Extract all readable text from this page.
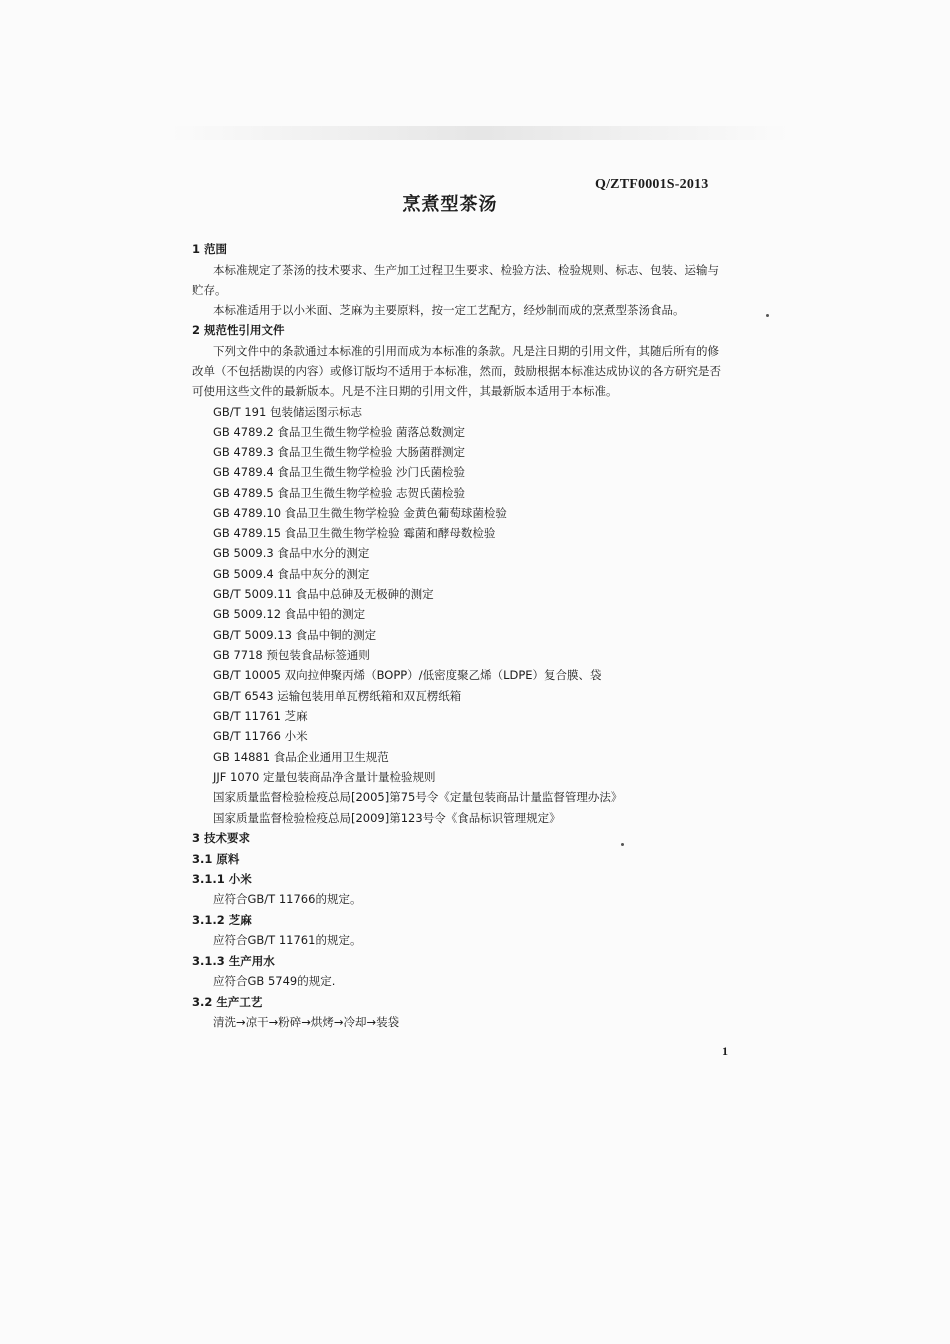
Q/ZTF0001S-2013
烹煮型茶汤
1 范围
本标准规定了茶汤的技术要求、生产加工过程卫生要求、检验方法、检验规则、标志、包装、运输与
贮存。
本标准适用于以小米面、芝麻为主要原料，按一定工艺配方，经炒制而成的烹煮型茶汤食品。
2 规范性引用文件
下列文件中的条款通过本标准的引用而成为本标准的条款。凡是注日期的引用文件，其随后所有的修
改单（不包括勘误的内容）或修订版均不适用于本标准，然而，鼓励根据本标准达成协议的各方研究是否
可使用这些文件的最新版本。凡是不注日期的引用文件，其最新版本适用于本标准。
GB/T 191 包装储运图示标志
GB 4789.2 食品卫生微生物学检验 菌落总数测定
GB 4789.3 食品卫生微生物学检验 大肠菌群测定
GB 4789.4 食品卫生微生物学检验 沙门氏菌检验
GB 4789.5 食品卫生微生物学检验 志贺氏菌检验
GB 4789.10 食品卫生微生物学检验 金黄色葡萄球菌检验
GB 4789.15 食品卫生微生物学检验 霉菌和酵母数检验
GB 5009.3 食品中水分的测定
GB 5009.4 食品中灰分的测定
GB/T 5009.11 食品中总砷及无极砷的测定
GB 5009.12 食品中铅的测定
GB/T 5009.13 食品中铜的测定
GB 7718 预包装食品标签通则
GB/T 10005 双向拉伸聚丙烯（BOPP）/低密度聚乙烯（LDPE）复合膜、袋
GB/T 6543 运输包装用单瓦楞纸箱和双瓦楞纸箱
GB/T 11761 芝麻
GB/T 11766 小米
GB 14881 食品企业通用卫生规范
JJF 1070 定量包装商品净含量计量检验规则
国家质量监督检验检疫总局[2005]第75号令《定量包装商品计量监督管理办法》
国家质量监督检验检疫总局[2009]第123号令《食品标识管理规定》
3 技术要求
3.1 原料
3.1.1 小米
应符合GB/T 11766的规定。
3.1.2 芝麻
应符合GB/T 11761的规定。
3.1.3 生产用水
应符合GB 5749的规定.
3.2 生产工艺
清洗→凉干→粉碎→烘烤→冷却→装袋
1
